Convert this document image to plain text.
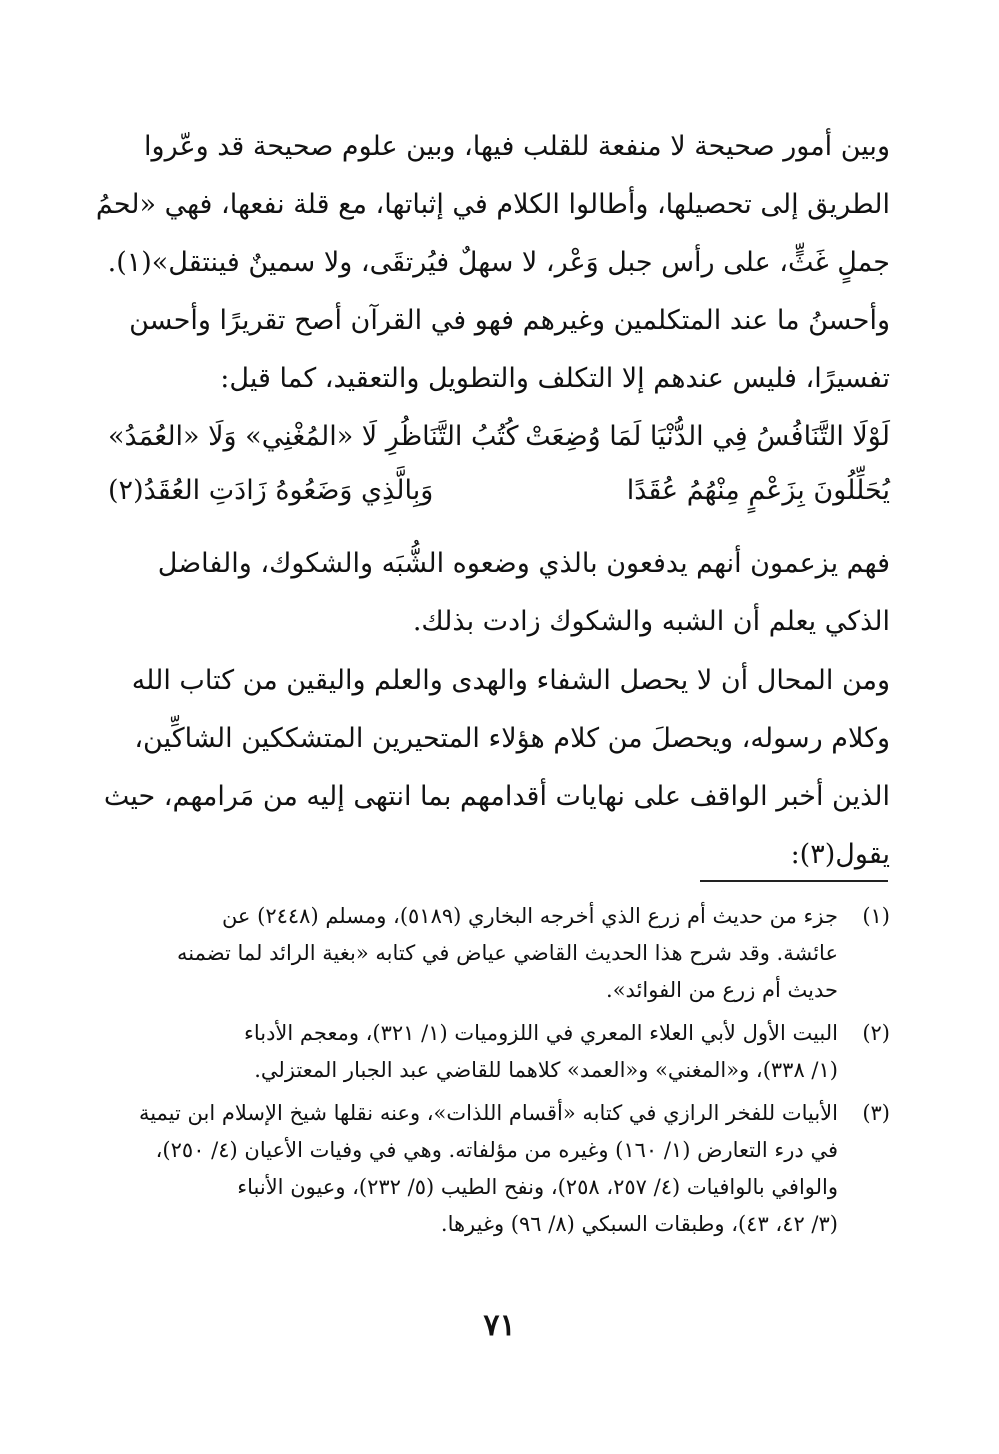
وبين أمور صحيحة لا منفعة للقلب فيها، وبين علوم صحيحة قد وعّروا
الطريق إلى تحصيلها، وأطالوا الكلام في إثباتها، مع قلة نفعها، فهي «لحمُ
جملٍ غَثٍّ، على رأس جبل وَعْر، لا سهلٌ فيُرتقَى، ولا سمينٌ فينتقل»(١).
وأحسنُ ما عند المتكلمين وغيرهم فهو في القرآن أصح تقريرًا وأحسن
تفسيرًا، فليس عندهم إلا التكلف والتطويل والتعقيد، كما قيل:
لَوْلَا التَّنَافُسُ فِي الدُّنْيَا لَمَا وُضِعَتْ
كُتُبُ التَّنَاظُرِ لَا «المُغْنِي» وَلَا «العُمَدُ»
يُحَلِّلُونَ بِزَعْمٍ مِنْهُمُ عُقَدًا
وَبِالَّذِي وَضَعُوهُ زَادَتِ العُقَدُ(٢)
فهم يزعمون أنهم يدفعون بالذي وضعوه الشُّبَه والشكوك، والفاضل
الذكي يعلم أن الشبه والشكوك زادت بذلك.
ومن المحال أن لا يحصل الشفاء والهدى والعلم واليقين من كتاب الله
وكلام رسوله، ويحصلَ من كلام هؤلاء المتحيرين المتشككين الشاكِّين،
الذين أخبر الواقف على نهايات أقدامهم بما انتهى إليه من مَرامهم، حيث
يقول(٣):
(١)
جزء من حديث أم زرع الذي أخرجه البخاري (٥١٨٩)، ومسلم (٢٤٤٨) عن
عائشة. وقد شرح هذا الحديث القاضي عياض في كتابه «بغية الرائد لما تضمنه
حديث أم زرع من الفوائد».
(٢)
البيت الأول لأبي العلاء المعري في اللزوميات (١/ ٣٢١)، ومعجم الأدباء
(١/ ٣٣٨)، و«المغني» و«العمد» كلاهما للقاضي عبد الجبار المعتزلي.
(٣)
الأبيات للفخر الرازي في كتابه «أقسام اللذات»، وعنه نقلها شيخ الإسلام ابن تيمية
في درء التعارض (١/ ١٦٠) وغيره من مؤلفاته. وهي في وفيات الأعيان (٤/ ٢٥٠)،
والوافي بالوافيات (٤/ ٢٥٧، ٢٥٨)، ونفح الطيب (٥/ ٢٣٢)، وعيون الأنباء
(٣/ ٤٢، ٤٣)، وطبقات السبكي (٨/ ٩٦) وغيرها.
٧١
